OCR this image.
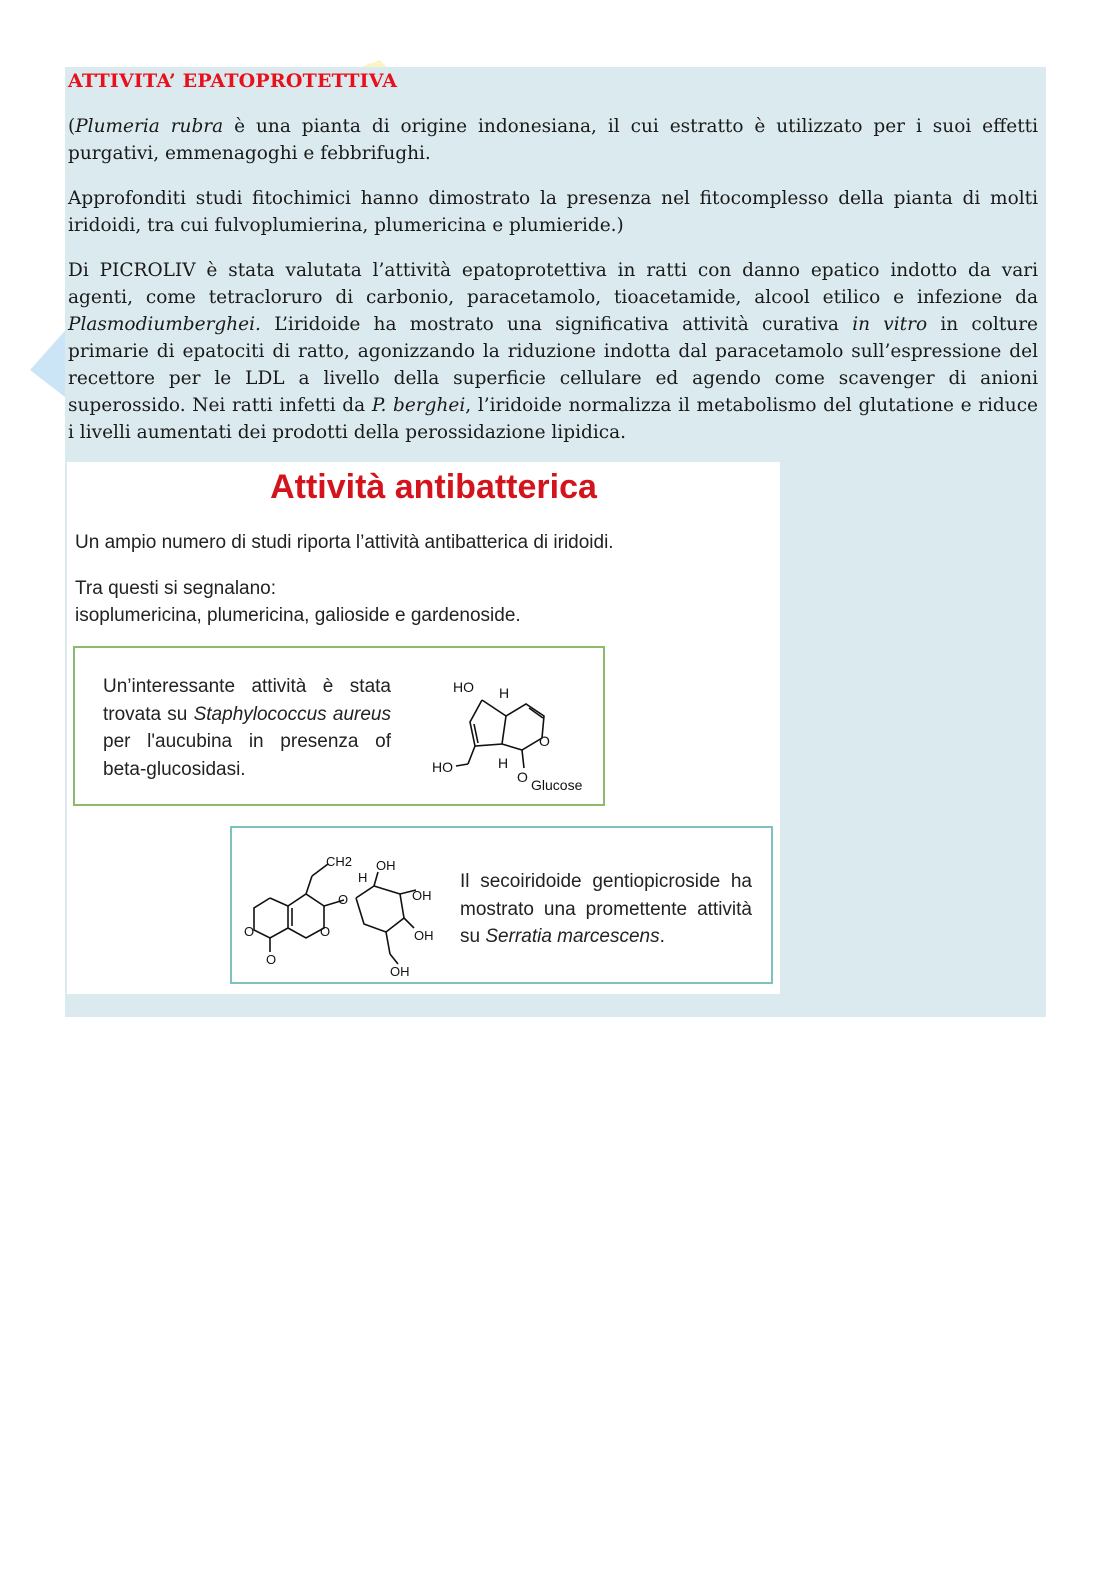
ATTIVITA’ EPATOPROTETTIVA

(Plumeria rubra è una pianta di origine indonesiana, il cui estratto è utilizzato per i suoi effetti purgativi, emmenagoghi e febbrifughi.

Approfonditi studi fitochimici hanno dimostrato la presenza nel fitocomplesso della pianta di molti iridoidi, tra cui fulvoplumierina, plumericina e plumieride.)

Di PICROLIV è stata valutata l’attività epatoprotettiva in ratti con danno epatico indotto da vari agenti, come tetracloruro di carbonio, paracetamolo, tioacetamide, alcool etilico e infezione da Plasmodiumberghei. L’iridoide ha mostrato una significativa attività curativa in vitro in colture primarie di epatociti di ratto, agonizzando la riduzione indotta dal paracetamolo sull’espressione del recettore per le LDL a livello della superficie cellulare ed agendo come scavenger di anioni superossido. Nei ratti infetti da P. berghei, l’iridoide normalizza il metabolismo del glutatione e riduce i livelli aumentati dei prodotti della perossidazione lipidica.

Attività antibatterica

Un ampio numero di studi riporta l’attività antibatterica di iridoidi.

Tra questi si segnalano:

isoplumericina, plumericina, galioside e gardenoside.

Un’interessante attività è stata trovata su Staphylococcus aureus per l'aucubina in presenza of beta-glucosidasi.

HO H
H
O
HO
O Glucose
CH2 OH
H
O	OH
O	O
O
OH
OH

Il secoiridoide gentiopicroside ha mostrato una promettente attività su Serratia marcescens.
